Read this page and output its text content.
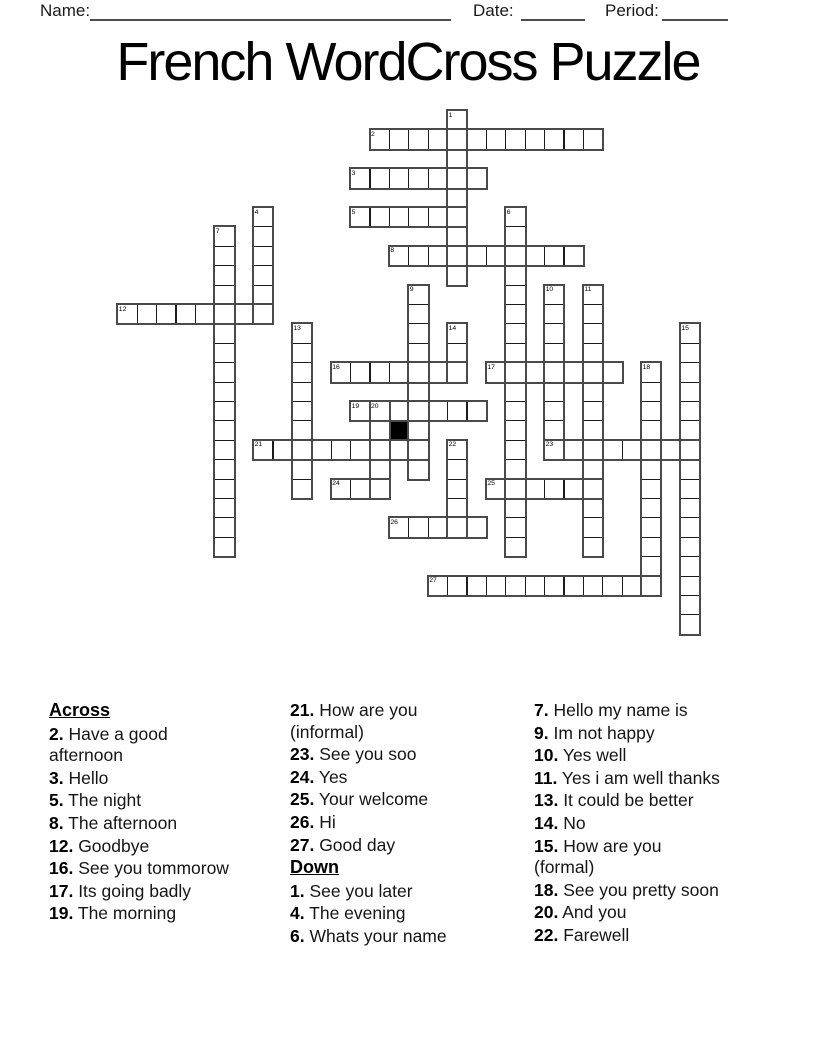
Name:	Date:	Period:
French WordCross Puzzle
1
2
3
4	5	6
7
8
9	10	11
12
13	14	15
16	17	18
19 20
21	22	23
24	25
26
27
Across
2. Have a good
afternoon
3. Hello
5. The night
8. The afternoon
12. Goodbye
16. See you tommorow
17. Its going badly
19. The morning
21. How are you
(informal)
23. See you soo
24. Yes
25. Your welcome
26. Hi
27. Good day
Down
1. See you later
4. The evening
6. Whats your name
7. Hello my name is
9. Im not happy
10. Yes well
11. Yes i am well thanks
13. It could be better
14. No
15. How are you
(formal)
18. See you pretty soon
20. And you
22. Farewell
